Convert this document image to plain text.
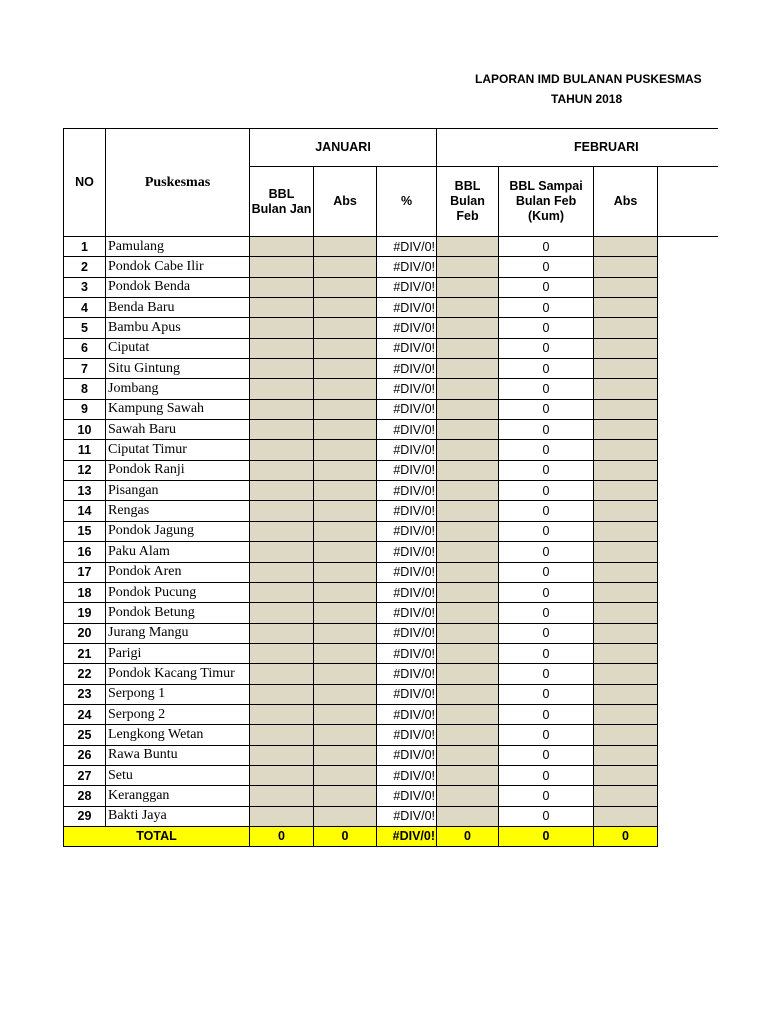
LAPORAN IMD BULANAN PUSKESMAS
TAHUN 2018
NO	Puskesmas	JANUARI			FEBRUARI			
		BBL Bulan Jan	Abs	%	BBL Bulan Feb	BBL Sampai Bulan Feb (Kum)	Abs	
1	Pamulang			#DIV/0!		0		
2	Pondok Cabe Ilir			#DIV/0!		0		
3	Pondok Benda			#DIV/0!		0		
4	Benda Baru			#DIV/0!		0		
5	Bambu Apus			#DIV/0!		0		
6	Ciputat			#DIV/0!		0		
7	Situ Gintung			#DIV/0!		0		
8	Jombang			#DIV/0!		0		
9	Kampung Sawah			#DIV/0!		0		
10	Sawah Baru			#DIV/0!		0		
11	Ciputat Timur			#DIV/0!		0		
12	Pondok Ranji			#DIV/0!		0		
13	Pisangan			#DIV/0!		0		
14	Rengas			#DIV/0!		0		
15	Pondok Jagung			#DIV/0!		0		
16	Paku Alam			#DIV/0!		0		
17	Pondok Aren			#DIV/0!		0		
18	Pondok Pucung			#DIV/0!		0		
19	Pondok Betung			#DIV/0!		0		
20	Jurang Mangu			#DIV/0!		0		
21	Parigi			#DIV/0!		0		
22	Pondok Kacang Timur			#DIV/0!		0		
23	Serpong 1			#DIV/0!		0		
24	Serpong 2			#DIV/0!		0		
25	Lengkong Wetan			#DIV/0!		0		
26	Rawa Buntu			#DIV/0!		0		
27	Setu			#DIV/0!		0		
28	Keranggan			#DIV/0!		0		
29	Bakti Jaya			#DIV/0!		0		
TOTAL		0	0	#DIV/0!	0	0	0	
